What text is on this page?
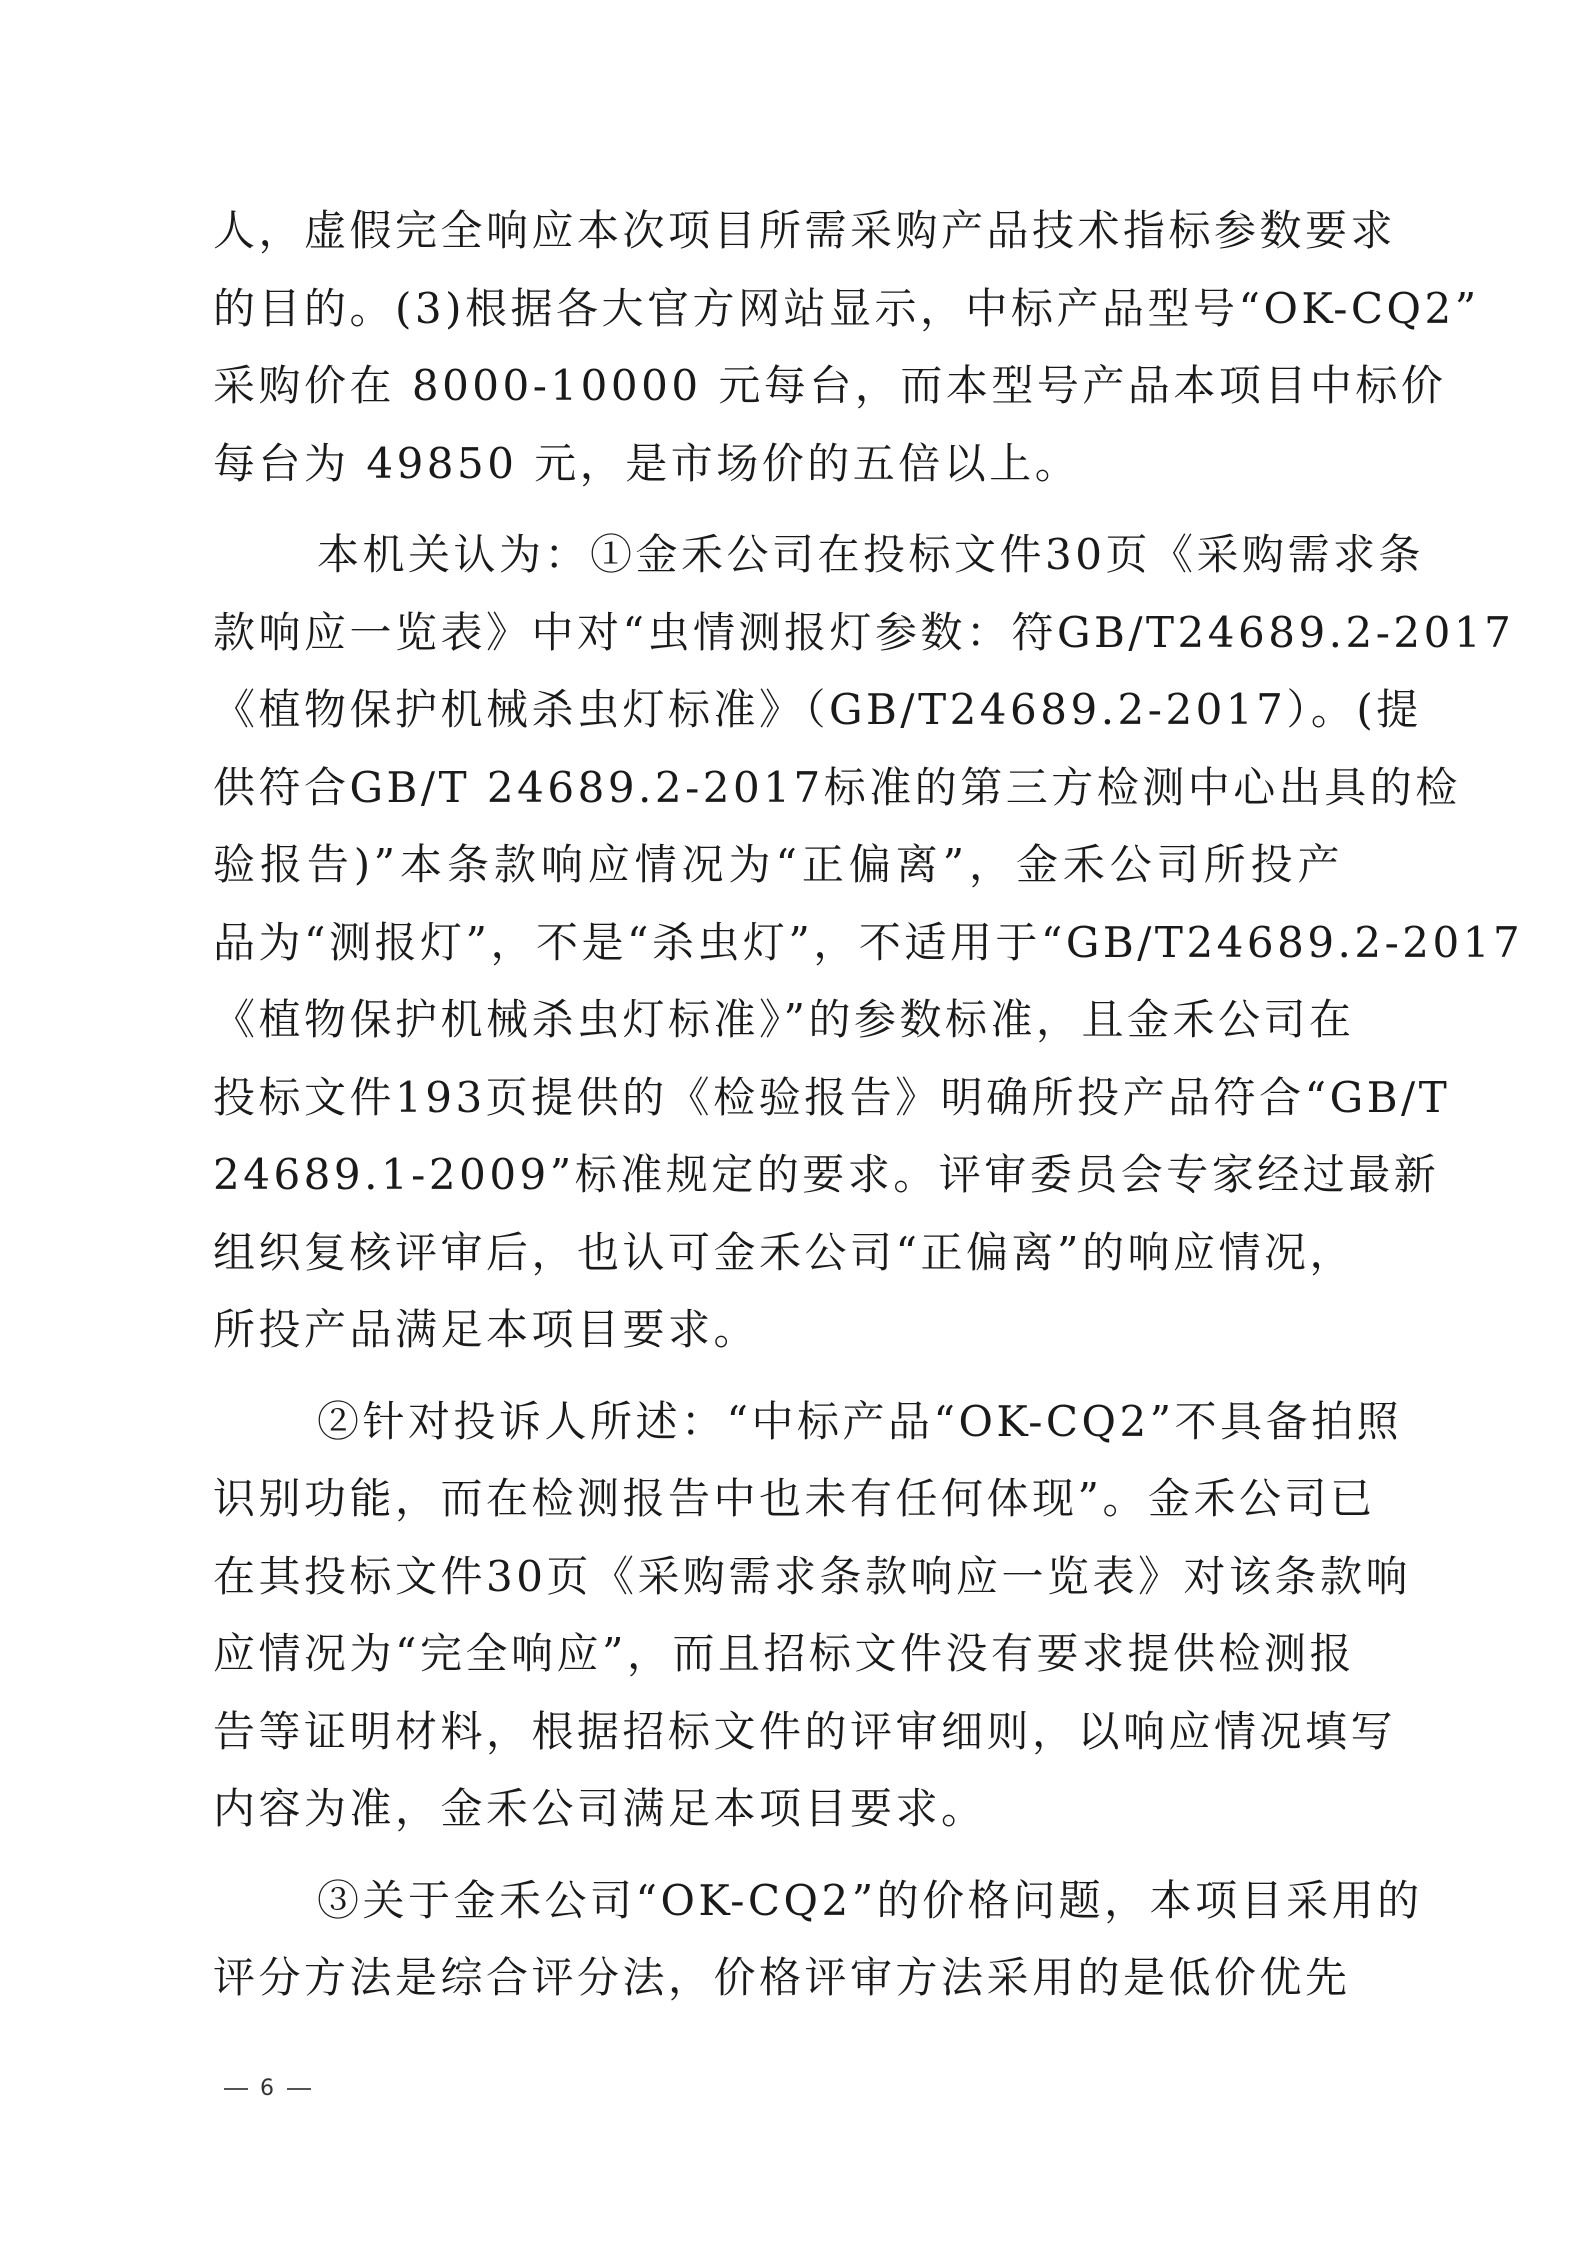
人，虚假完全响应本次项目所需采购产品技术指标参数要求
的目的。(3)根据各大官方网站显示，中标产品型号“OK-CQ2”
采购价在 8000-10000 元每台，而本型号产品本项目中标价
每台为 49850 元，是市场价的五倍以上。
本机关认为：①金禾公司在投标文件30页《采购需求条
款响应一览表》中对“虫情测报灯参数：符GB/T24689.2-2017
《植物保护机械杀虫灯标准》（GB/T24689.2-2017）。(提
供符合GB/T 24689.2-2017标准的第三方检测中心出具的检
验报告)”本条款响应情况为“正偏离”，金禾公司所投产
品为“测报灯”，不是“杀虫灯”，不适用于“GB/T24689.2-2017
《植物保护机械杀虫灯标准》”的参数标准，且金禾公司在
投标文件193页提供的《检验报告》明确所投产品符合“GB/T
24689.1-2009”标准规定的要求。评审委员会专家经过最新
组织复核评审后，也认可金禾公司“正偏离”的响应情况，
所投产品满足本项目要求。
②针对投诉人所述：“中标产品“OK-CQ2”不具备拍照
识别功能，而在检测报告中也未有任何体现”。金禾公司已
在其投标文件30页《采购需求条款响应一览表》对该条款响
应情况为“完全响应”，而且招标文件没有要求提供检测报
告等证明材料，根据招标文件的评审细则，以响应情况填写
内容为准，金禾公司满足本项目要求。
③关于金禾公司“OK-CQ2”的价格问题，本项目采用的
评分方法是综合评分法，价格评审方法采用的是低价优先
6
